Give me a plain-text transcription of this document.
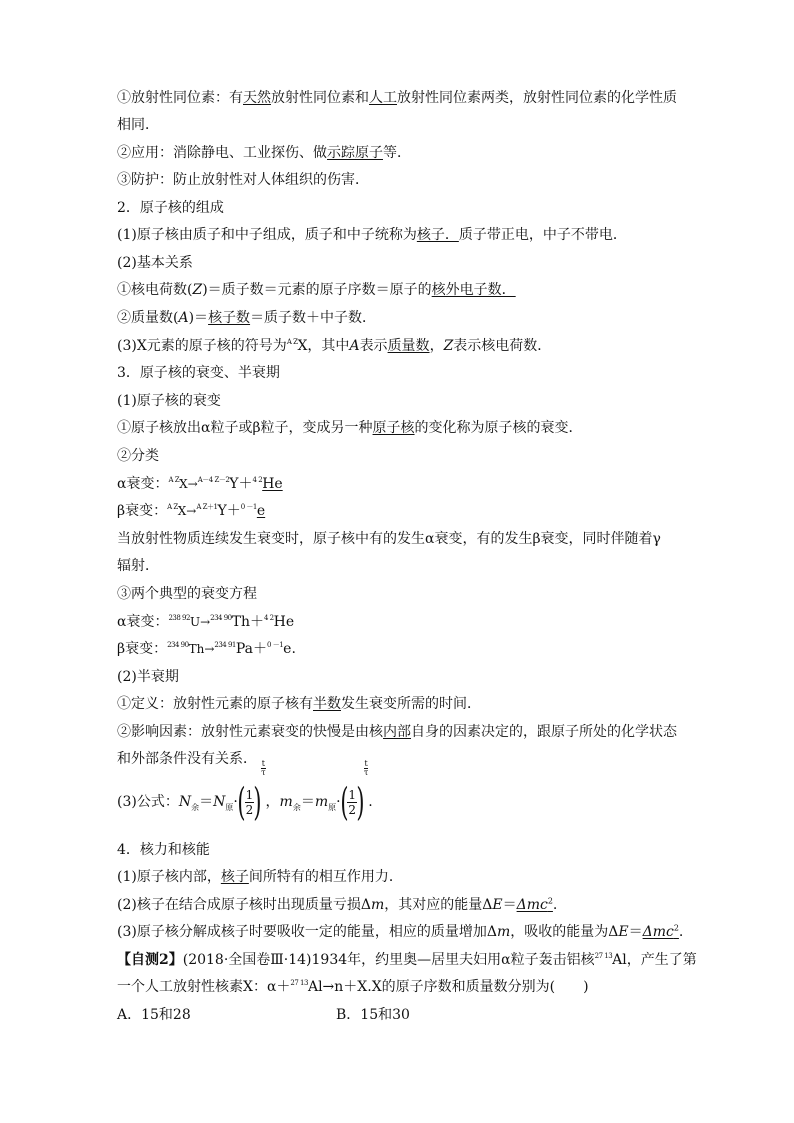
①放射性同位素：有天然放射性同位素和人工放射性同位素两类，放射性同位素的化学性质
相同．
②应用：消除静电、工业探伤、做示踪原子等．
③防护：防止放射性对人体组织的伤害．
2．原子核的组成
(1)原子核由质子和中子组成，质子和中子统称为核子．质子带正电，中子不带电．
(2)基本关系
①核电荷数(Z)＝质子数＝元素的原子序数＝原子的核外电子数．
②质量数(A)＝核子数＝质子数＋中子数．
(3)X元素的原子核的符号为$^{A Z}$X，其中A表示质量数，Z表示核电荷数．
3．原子核的衰变、半衰期
(1)原子核的衰变
①原子核放出α粒子或β粒子，变成另一种原子核的变化称为原子核的衰变．
②分类
α衰变：$^{A Z}$X→$^{A-4 Z-2}$Y＋$^{4 2}$He
β衰变：$^{A Z}$X→$^{A Z+1}$Y＋$^{0 -1}$e
当放射性物质连续发生衰变时，原子核中有的发生α衰变，有的发生β衰变，同时伴随着γ
辐射．
③两个典型的衰变方程
α衰变：$^{238 92}$U→$^{234 90}$Th＋$^{4 2}$He
β衰变：$^{234 90}$Th→$^{234 91}$Pa＋$^{0 -1}$e.
(2)半衰期
①定义：放射性元素的原子核有半数发生衰变所需的时间．
②影响因素：放射性元素衰变的快慢是由核内部自身的因素决定的，跟原子所处的化学状态
和外部条件没有关系．
(3)公式：$N_余=N_原\cdot( \frac{1}{2}$ )
$\frac{t}{\tau}$
，$m_余=m_原\cdot( \frac{1}{2}$ )
$\frac{t}{\tau}$
.
4．核力和核能
(1)原子核内部，核子间所特有的相互作用力．
(2)核子在结合成原子核时出现质量亏损Δm，其对应的能量ΔE＝Δmc$^2$.
(3)原子核分解成核子时要吸收一定的能量，相应的质量增加Δm，吸收的能量为ΔE＝Δmc$^2$.
【自测2】(2018·全国卷Ⅲ·14)1934年，约里奥—居里夫妇用α粒子轰击铝核$^{27 13}$Al，产生了第
一个人工放射性核素X：α＋$^{27 13}$Al→n＋X.X的原子序数和质量数分别为(　　)
A．15和28	B．15和30
